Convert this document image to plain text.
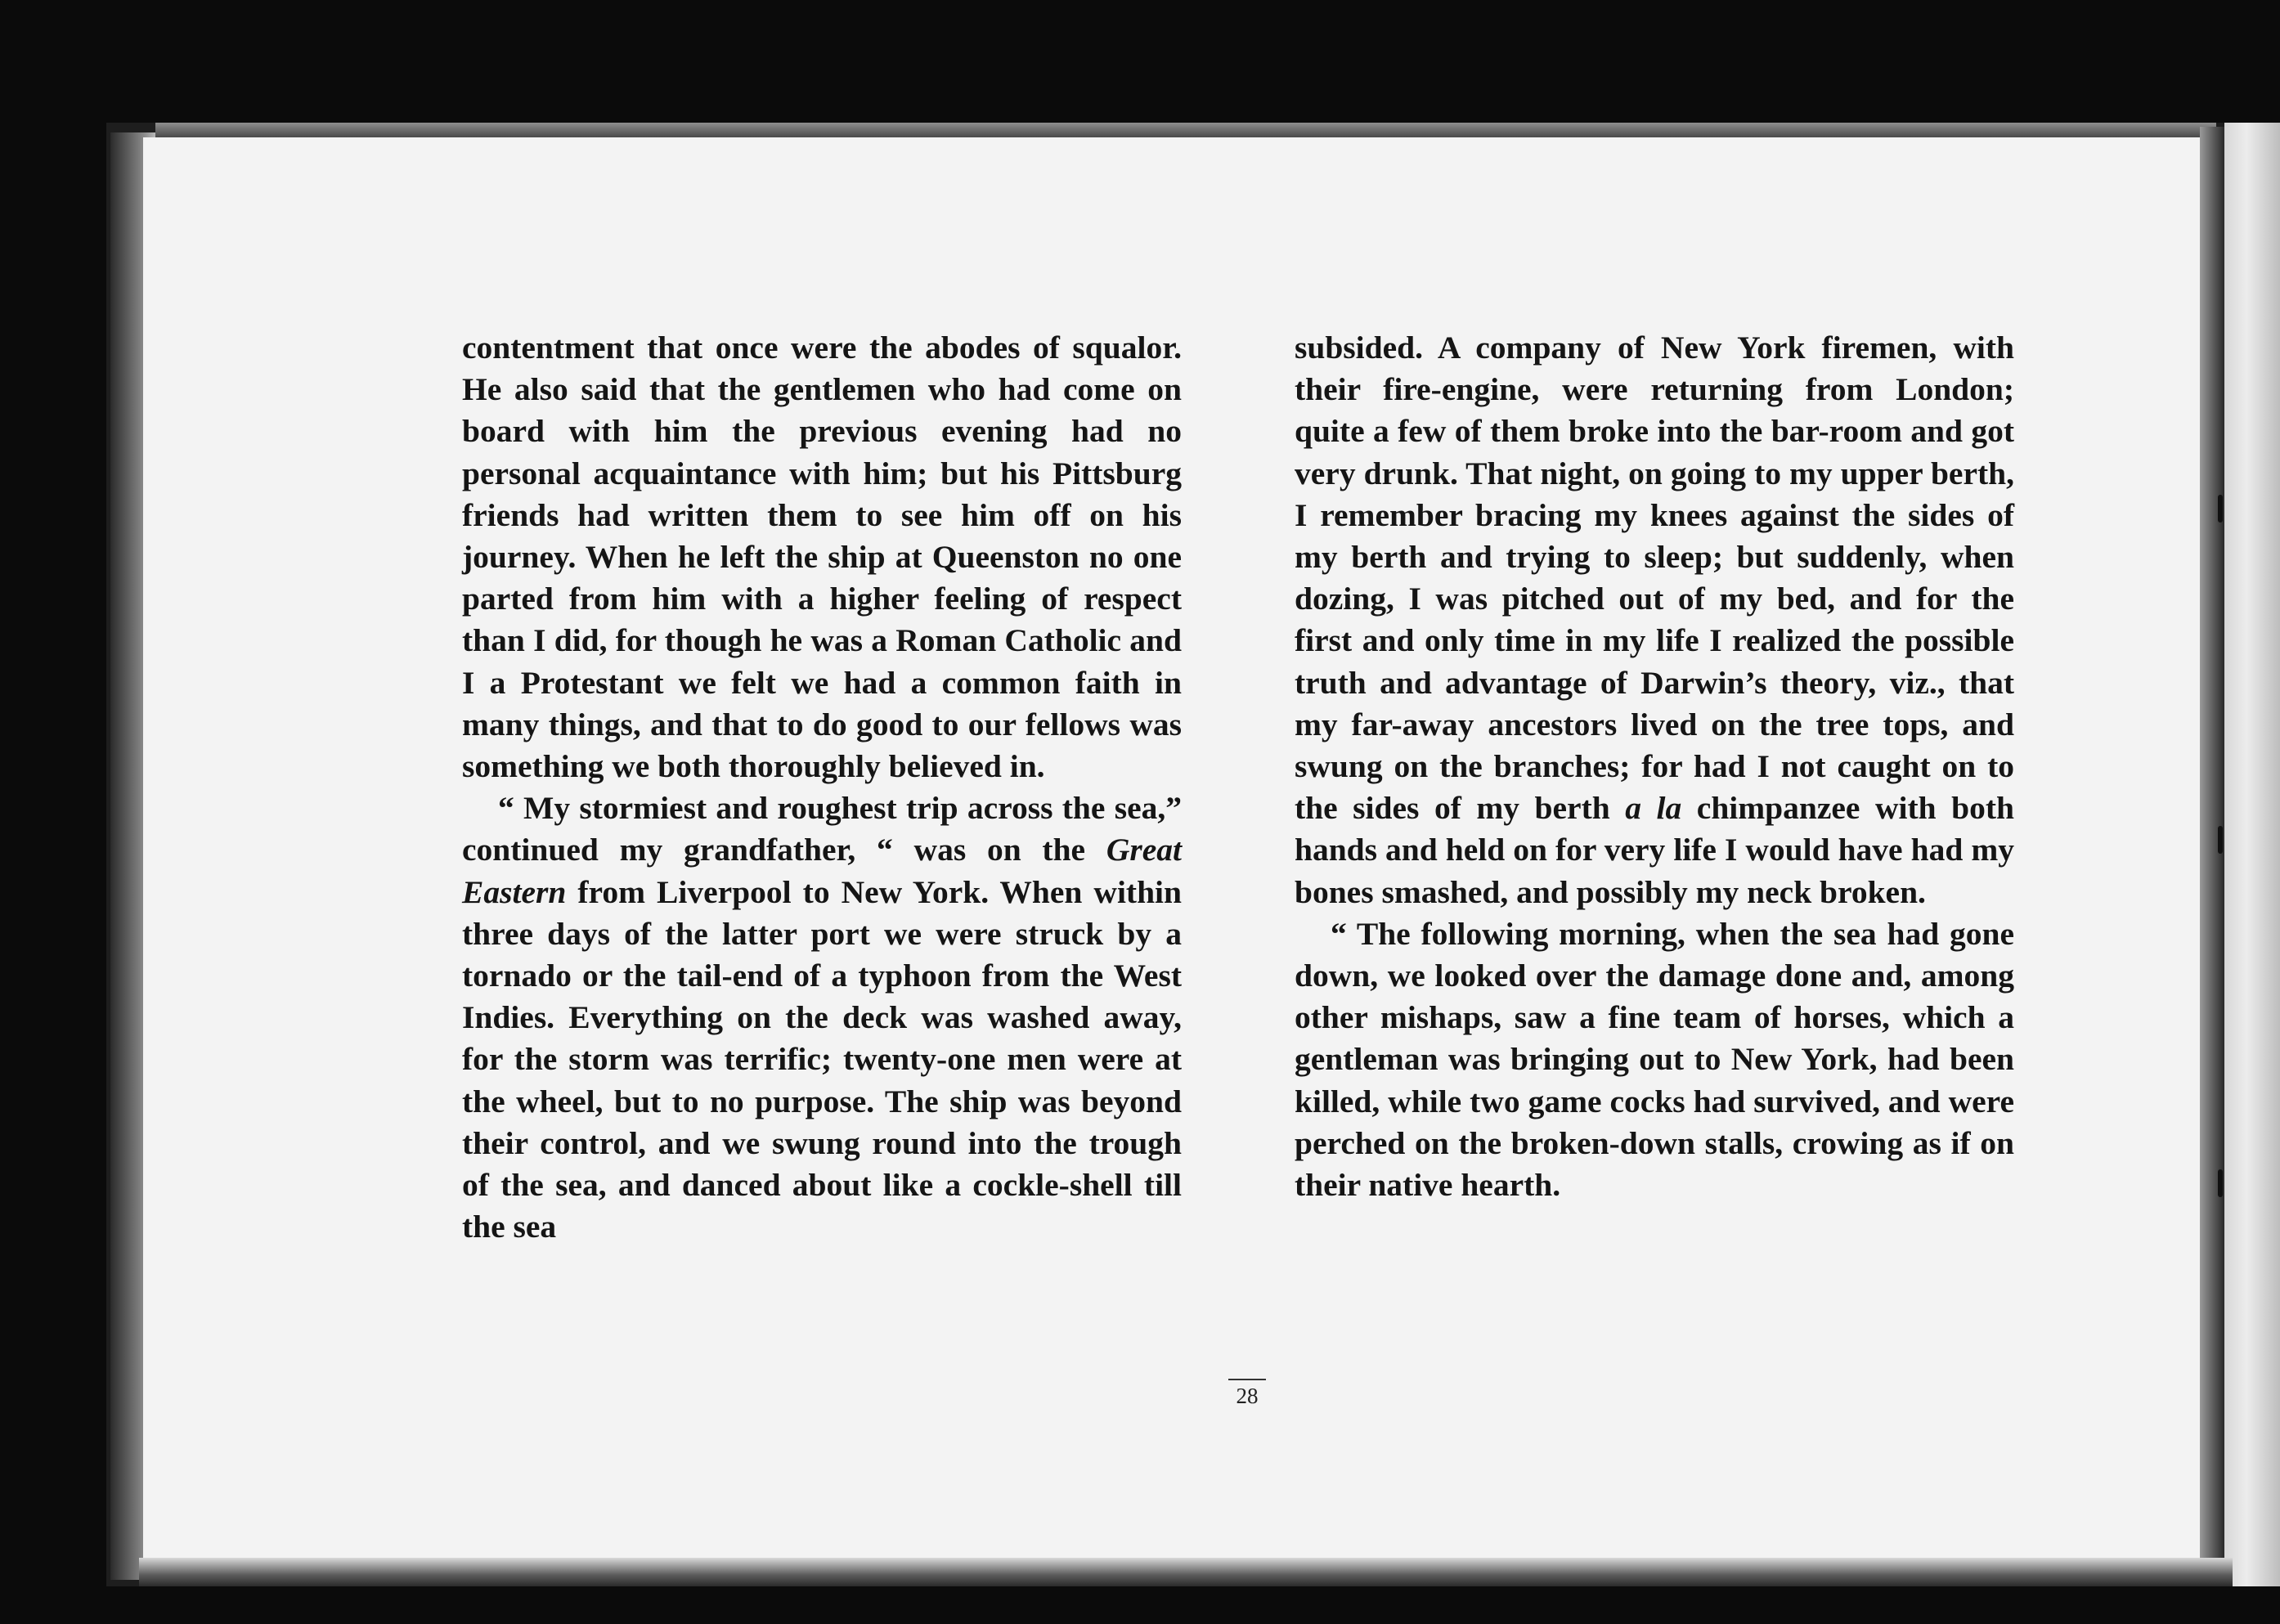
contentment that once were the abodes of squalor. He also said that the gentlemen who had come on board with him the previous evening had no personal acquaintance with him; but his Pittsburg friends had written them to see him off on his journey. When he left the ship at Queenston no one parted from him with a higher feeling of respect than I did, for though he was a Roman Catholic and I a Protestant we felt we had a common faith in many things, and that to do good to our fellows was something we both thoroughly believed in.

“ My stormiest and roughest trip across the sea,” continued my grandfather, “ was on the Great Eastern from Liverpool to New York. When within three days of the latter port we were struck by a tornado or the tail-end of a typhoon from the West Indies. Everything on the deck was washed away, for the storm was terrific; twenty-one men were at the wheel, but to no purpose. The ship was beyond their control, and we swung round into the trough of the sea, and danced about like a cockle-shell till the sea

subsided. A company of New York firemen, with their fire-engine, were returning from London; quite a few of them broke into the bar-room and got very drunk. That night, on going to my upper berth, I remember bracing my knees against the sides of my berth and trying to sleep; but suddenly, when dozing, I was pitched out of my bed, and for the first and only time in my life I realized the possible truth and advantage of Darwin’s theory, viz., that my far-away ancestors lived on the tree tops, and swung on the branches; for had I not caught on to the sides of my berth a la chimpanzee with both hands and held on for very life I would have had my bones smashed, and possibly my neck broken.

“ The following morning, when the sea had gone down, we looked over the damage done and, among other mishaps, saw a fine team of horses, which a gentleman was bringing out to New York, had been killed, while two game cocks had survived, and were perched on the broken-down stalls, crowing as if on their native hearth.

28
